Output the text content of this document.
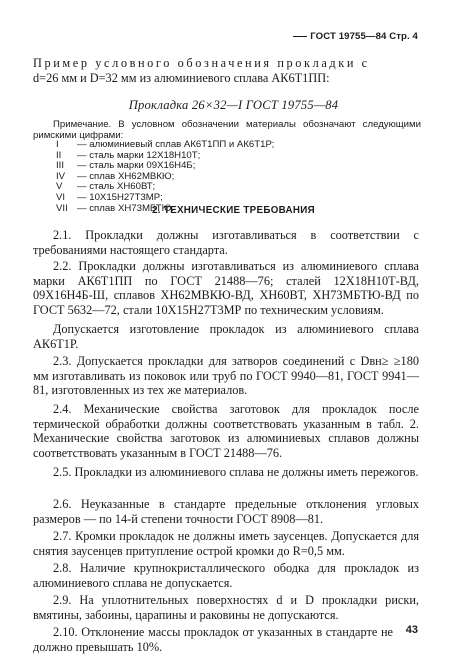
ГОСТ 19755—84 Стр. 4
Пример условного обозначения прокладки с
d=26 мм и D=32 мм из алюминиевого сплава АК6Т1ПП:
Прокладка 26×32—I ГОСТ 19755—84
Примечание. В условном обозначении материалы обозначают следующими римскими цифрами:
I	— алюминиевый сплав АК6Т1ПП и АК6Т1Р;
II	— сталь марки 12Х18Н10Т;
III	— сталь марки 09Х16Н4Б;
IV	— сплав ХН62МВКЮ;
V	— сталь ХН60ВТ;
VI	— 10Х15Н27Т3МР;
VII — сплав ХН73МБТЮ.
2. ТЕХНИЧЕСКИЕ ТРЕБОВАНИЯ
2.1. Прокладки должны изготавливаться в соответствии с требованиями настоящего стандарта.
2.2. Прокладки должны изготавливаться из алюминиевого сплава марки АК6Т1ПП по ГОСТ 21488—76; сталей 12Х18Н10Т-ВД, 09Х16Н4Б-Ш, сплавов ХН62МВКЮ-ВД, ХН60ВТ, ХН73МБТЮ-ВД по ГОСТ 5632—72, стали 10Х15Н27Т3МР по техническим условиям.
Допускается изготовление прокладок из алюминиевого сплава АК6Т1Р.
2.3. Допускается прокладки для затворов соединений с Dвн≥ ≥180 мм изготавливать из поковок или труб по ГОСТ 9940—81, ГОСТ 9941—81, изготовленных из тех же материалов.
2.4. Механические свойства заготовок для прокладок после термической обработки должны соответствовать указанным в табл. 2. Механические свойства заготовок из алюминиевых сплавов должны соответствовать указанным в ГОСТ 21488—76.
2.5. Прокладки из алюминиевого сплава не должны иметь пережогов.
2.6. Неуказанные в стандарте предельные отклонения угловых размеров — по 14-й степени точности ГОСТ 8908—81.
2.7. Кромки прокладок не должны иметь заусенцев. Допускается для снятия заусенцев притупление острой кромки до R=0,5 мм.
2.8. Наличие крупнокристаллического ободка для прокладок из алюминиевого сплава не допускается.
2.9. На уплотнительных поверхностях d и D прокладки риски, вмятины, забоины, царапины и раковины не допускаются.
2.10. Отклонение массы прокладок от указанных в стандарте не должно превышать 10%.
43
